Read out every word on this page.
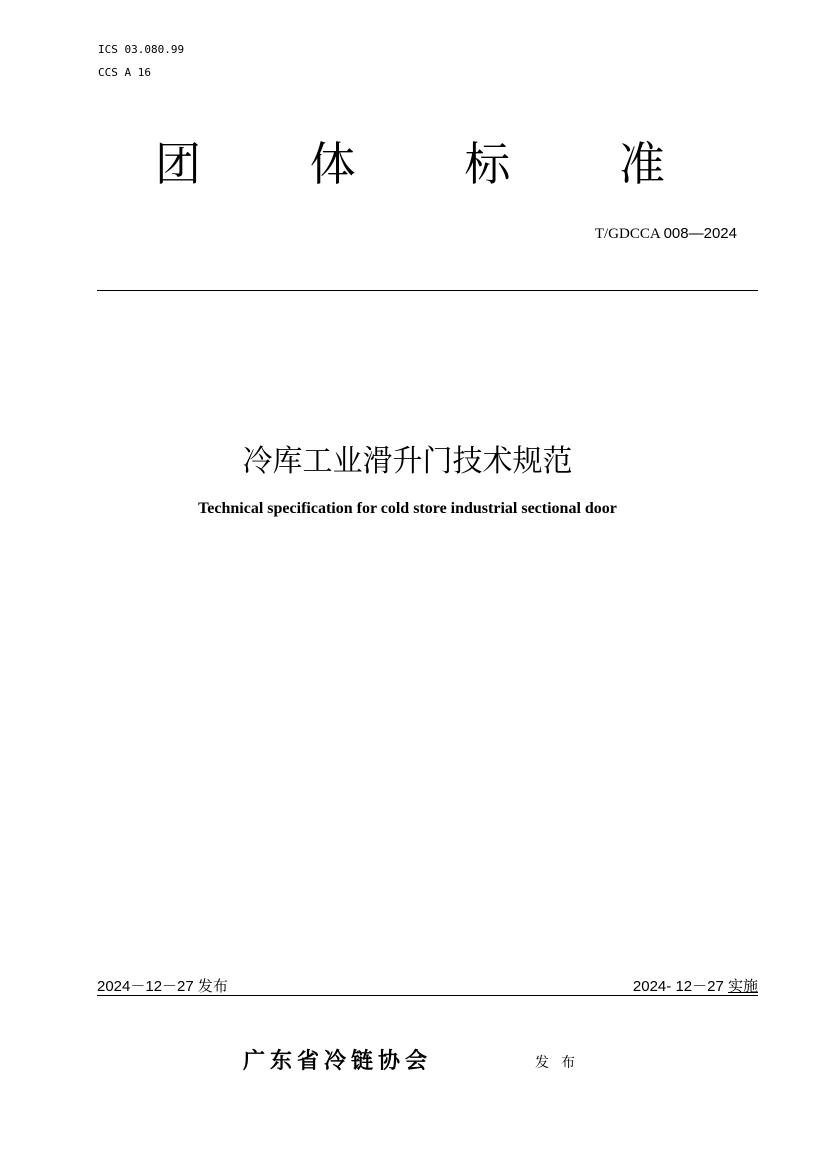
ICS 03.080.99
CCS A 16
团	体	标	准
T/GDCCA 008—2024
冷库工业滑升门技术规范
Technical specification for cold store industrial sectional door
2024－12－27 发布	2024- 12－27 实施
广东省冷链协会	发布
